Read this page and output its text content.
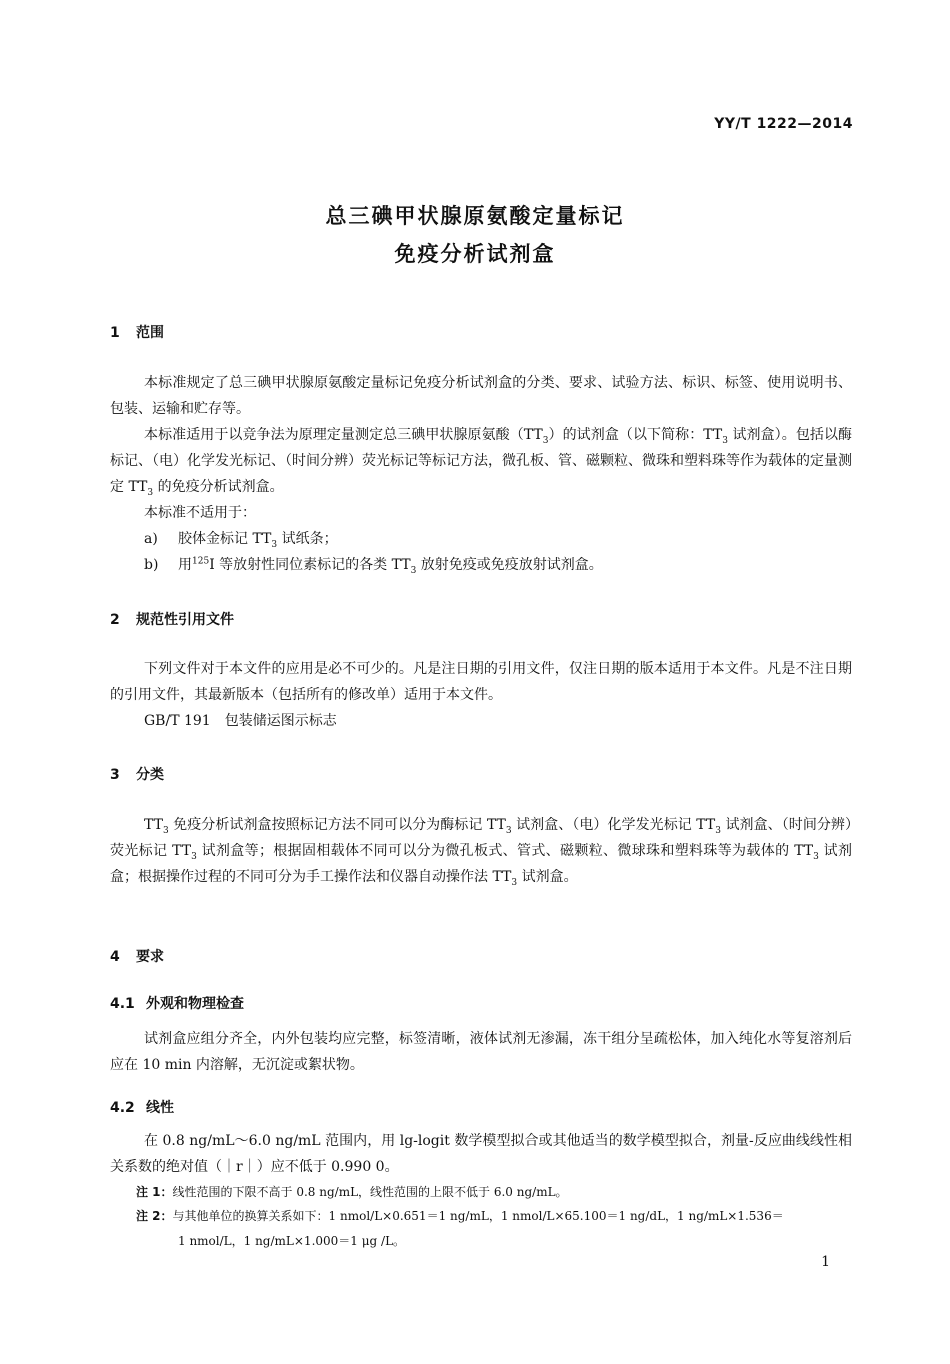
YY/T 1222—2014
总三碘甲状腺原氨酸定量标记
免疫分析试剂盒
1 范围
本标准规定了总三碘甲状腺原氨酸定量标记免疫分析试剂盒的分类、要求、试验方法、标识、标签、使用说明书、包装、运输和贮存等。
本标准适用于以竞争法为原理定量测定总三碘甲状腺原氨酸$(TT_3)$的试剂盒（以下简称：$TT_3$ 试剂盒）。包括以酶标记、（电）化学发光标记、（时间分辨）荧光标记等标记方法，微孔板、管、磁颗粒、微珠和塑料珠等作为载体的定量测定 $TT_3$ 的免疫分析试剂盒。
本标准不适用于：
a) 胶体金标记 $TT_3$ 试纸条；
b) 用$^{125}$I 等放射性同位素标记的各类 $TT_3$ 放射免疫或免疫放射试剂盒。
2 规范性引用文件
下列文件对于本文件的应用是必不可少的。凡是注日期的引用文件，仅注日期的版本适用于本文件。凡是不注日期的引用文件，其最新版本（包括所有的修改单）适用于本文件。
GB/T 191　包装储运图示标志
3 分类
$TT_3$ 免疫分析试剂盒按照标记方法不同可以分为酶标记 $TT_3$ 试剂盒、（电）化学发光标记 $TT_3$ 试剂盒、（时间分辨）荧光标记 $TT_3$ 试剂盒等；根据固相载体不同可以分为微孔板式、管式、磁颗粒、微球珠和塑料珠等为载体的 $TT_3$ 试剂盒；根据操作过程的不同可分为手工操作法和仪器自动操作法 $TT_3$ 试剂盒。
4 要求
4.1 外观和物理检查
试剂盒应组分齐全，内外包装均应完整，标签清晰，液体试剂无渗漏，冻干组分呈疏松体，加入纯化水等复溶剂后应在 10 min 内溶解，无沉淀或絮状物。
4.2 线性
在 0.8 ng/mL～6.0 ng/mL 范围内，用 lg-logit 数学模型拟合或其他适当的数学模型拟合，剂量-反应曲线线性相关系数的绝对值（｜r｜）应不低于 0.990 0。
注 1：线性范围的下限不高于 0.8 ng/mL，线性范围的上限不低于 6.0 ng/mL。
注 2：与其他单位的换算关系如下：1 nmol/L×0.651＝1 ng/mL，1 nmol/L×65.100＝1 ng/dL，1 ng/mL×1.536＝
1 nmol/L，1 ng/mL×1.000＝1 μg /L。
1
